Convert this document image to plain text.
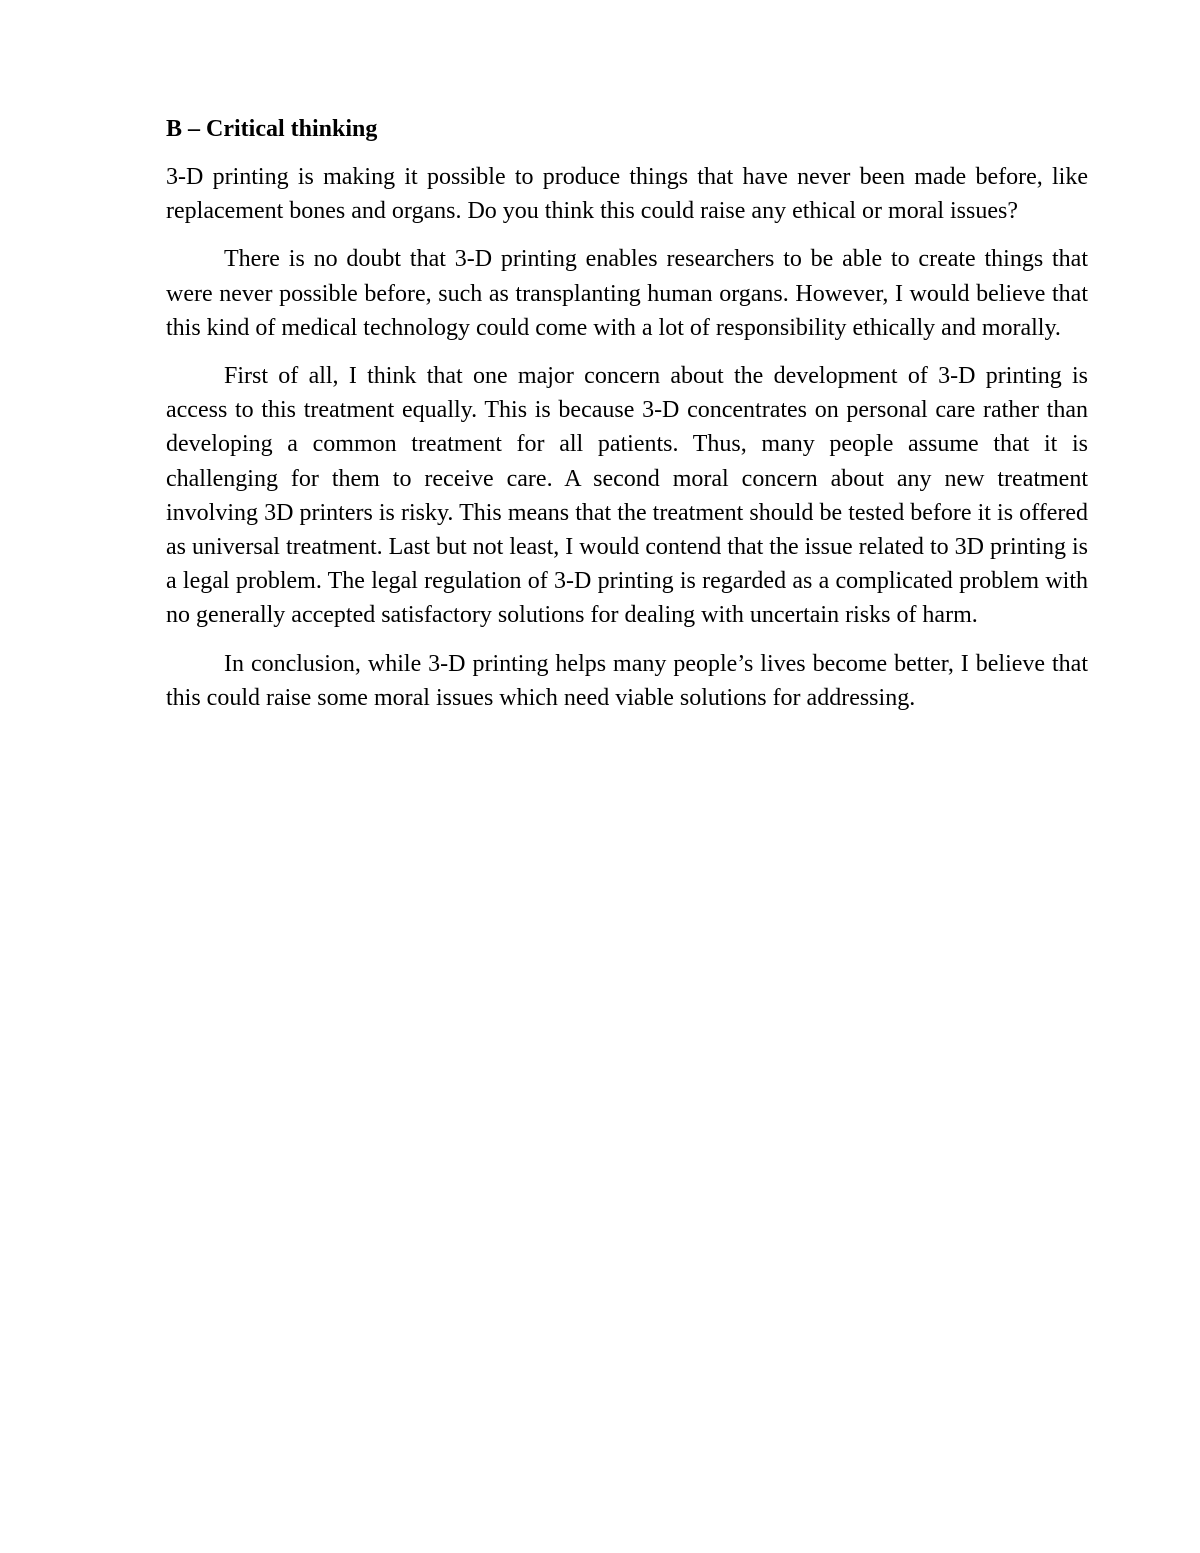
B – Critical thinking

3-D printing is making it possible to produce things that have never been made before, like replacement bones and organs. Do you think this could raise any ethical or moral issues?

There is no doubt that 3-D printing enables researchers to be able to create things that were never possible before, such as transplanting human organs. However, I would believe that this kind of medical technology could come with a lot of responsibility ethically and morally.

First of all, I think that one major concern about the development of 3-D printing is access to this treatment equally. This is because 3-D concentrates on personal care rather than developing a common treatment for all patients. Thus, many people assume that it is challenging for them to receive care. A second moral concern about any new treatment involving 3D printers is risky. This means that the treatment should be tested before it is offered as universal treatment. Last but not least, I would contend that the issue related to 3D printing is a legal problem. The legal regulation of 3-D printing is regarded as a complicated problem with no generally accepted satisfactory solutions for dealing with uncertain risks of harm.

In conclusion, while 3-D printing helps many people’s lives become better, I believe that this could raise some moral issues which need viable solutions for addressing.
